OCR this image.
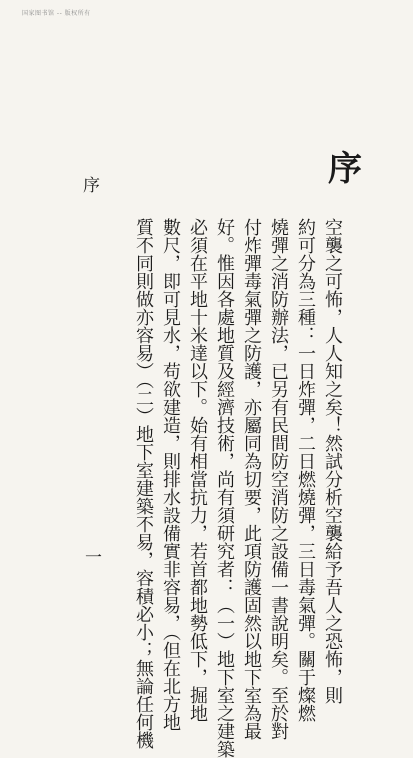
国家图书馆 -- 版权所有
序
空襲之可怖，人人知之矣！然試分析空襲給予吾人之恐怖，則
約可分為三種：一日炸彈，二日燃燒彈，三日毒氣彈。關于燦燃
燒彈之消防辦法，已另有民間防空消防之設備一書說明矣。至於對
付炸彈毒氣彈之防護，亦屬同為切要，此項防護固然以地下室為最
好。惟因各處地質及經濟技術，尚有須研究者：（一）地下室之建築
必須在平地十米達以下。始有相當抗力，若首都地勢低下，掘地
數尺，即可見水，苟欲建造，則排水設備實非容易，（但在北方地
質不同則做亦容易）（二）地下室建築不易，容積必小；無論任何機
序
一
